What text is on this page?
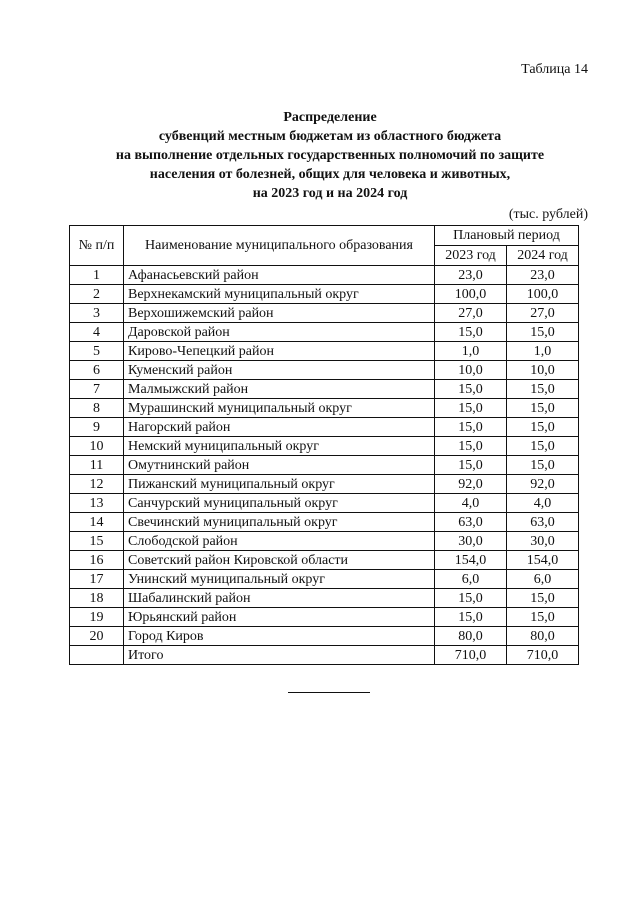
Таблица 14
Распределение
субвенций местным бюджетам из областного бюджета
на выполнение отдельных государственных полномочий по защите
населения от болезней, общих для человека и животных,
на 2023 год и на 2024 год
(тыс. рублей)
№ п/п	Наименование муниципального образования	Плановый период	
		2023 год	2024 год
1	Афанасьевский район	23,0	23,0
2	Верхнекамский муниципальный округ	100,0	100,0
3	Верхошижемский район	27,0	27,0
4	Даровской район	15,0	15,0
5	Кирово-Чепецкий район	1,0	1,0
6	Куменский район	10,0	10,0
7	Малмыжский район	15,0	15,0
8	Мурашинский муниципальный округ	15,0	15,0
9	Нагорский район	15,0	15,0
10	Немский муниципальный округ	15,0	15,0
11	Омутнинский район	15,0	15,0
12	Пижанский муниципальный округ	92,0	92,0
13	Санчурский муниципальный округ	4,0	4,0
14	Свечинский муниципальный округ	63,0	63,0
15	Слободской район	30,0	30,0
16	Советский район Кировской области	154,0	154,0
17	Унинский муниципальный округ	6,0	6,0
18	Шабалинский район	15,0	15,0
19	Юрьянский район	15,0	15,0
20	Город Киров	80,0	80,0
	Итого	710,0	710,0
